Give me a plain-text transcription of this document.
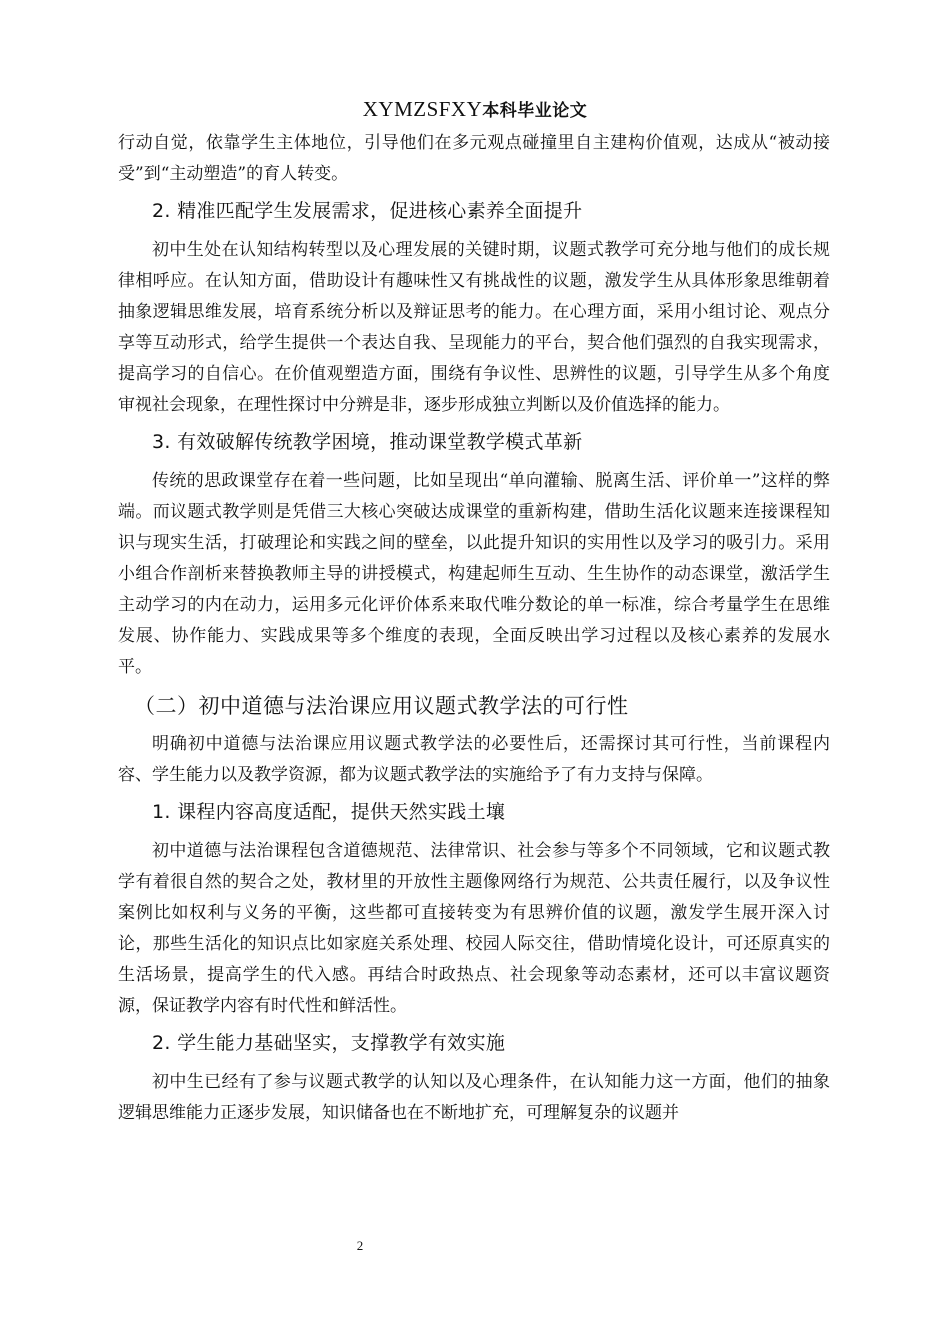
XYMZSFXY本科毕业论文

行动自觉，依靠学生主体地位，引导他们在多元观点碰撞里自主建构价值观，达成从“被动接受”到“主动塑造”的育人转变。

2. 精准匹配学生发展需求，促进核心素养全面提升

初中生处在认知结构转型以及心理发展的关键时期，议题式教学可充分地与他们的成长规律相呼应。在认知方面，借助设计有趣味性又有挑战性的议题，激发学生从具体形象思维朝着抽象逻辑思维发展，培育系统分析以及辩证思考的能力。在心理方面，采用小组讨论、观点分享等互动形式，给学生提供一个表达自我、呈现能力的平台，契合他们强烈的自我实现需求，提高学习的自信心。在价值观塑造方面，围绕有争议性、思辨性的议题，引导学生从多个角度审视社会现象，在理性探讨中分辨是非，逐步形成独立判断以及价值选择的能力。

3. 有效破解传统教学困境，推动课堂教学模式革新

传统的思政课堂存在着一些问题，比如呈现出“单向灌输、脱离生活、评价单一”这样的弊端。而议题式教学则是凭借三大核心突破达成课堂的重新构建，借助生活化议题来连接课程知识与现实生活，打破理论和实践之间的壁垒，以此提升知识的实用性以及学习的吸引力。采用小组合作剖析来替换教师主导的讲授模式，构建起师生互动、生生协作的动态课堂，激活学生主动学习的内在动力，运用多元化评价体系来取代唯分数论的单一标准，综合考量学生在思维发展、协作能力、实践成果等多个维度的表现，全面反映出学习过程以及核心素养的发展水平。

（二）初中道德与法治课应用议题式教学法的可行性

明确初中道德与法治课应用议题式教学法的必要性后，还需探讨其可行性，当前课程内容、学生能力以及教学资源，都为议题式教学法的实施给予了有力支持与保障。

1. 课程内容高度适配，提供天然实践土壤

初中道德与法治课程包含道德规范、法律常识、社会参与等多个不同领域，它和议题式教学有着很自然的契合之处，教材里的开放性主题像网络行为规范、公共责任履行，以及争议性案例比如权利与义务的平衡，这些都可直接转变为有思辨价值的议题，激发学生展开深入讨论，那些生活化的知识点比如家庭关系处理、校园人际交往，借助情境化设计，可还原真实的生活场景，提高学生的代入感。再结合时政热点、社会现象等动态素材，还可以丰富议题资源，保证教学内容有时代性和鲜活性。

2. 学生能力基础坚实，支撑教学有效实施

初中生已经有了参与议题式教学的认知以及心理条件，在认知能力这一方面，他们的抽象逻辑思维能力正逐步发展，知识储备也在不断地扩充，可理解复杂的议题并

2
